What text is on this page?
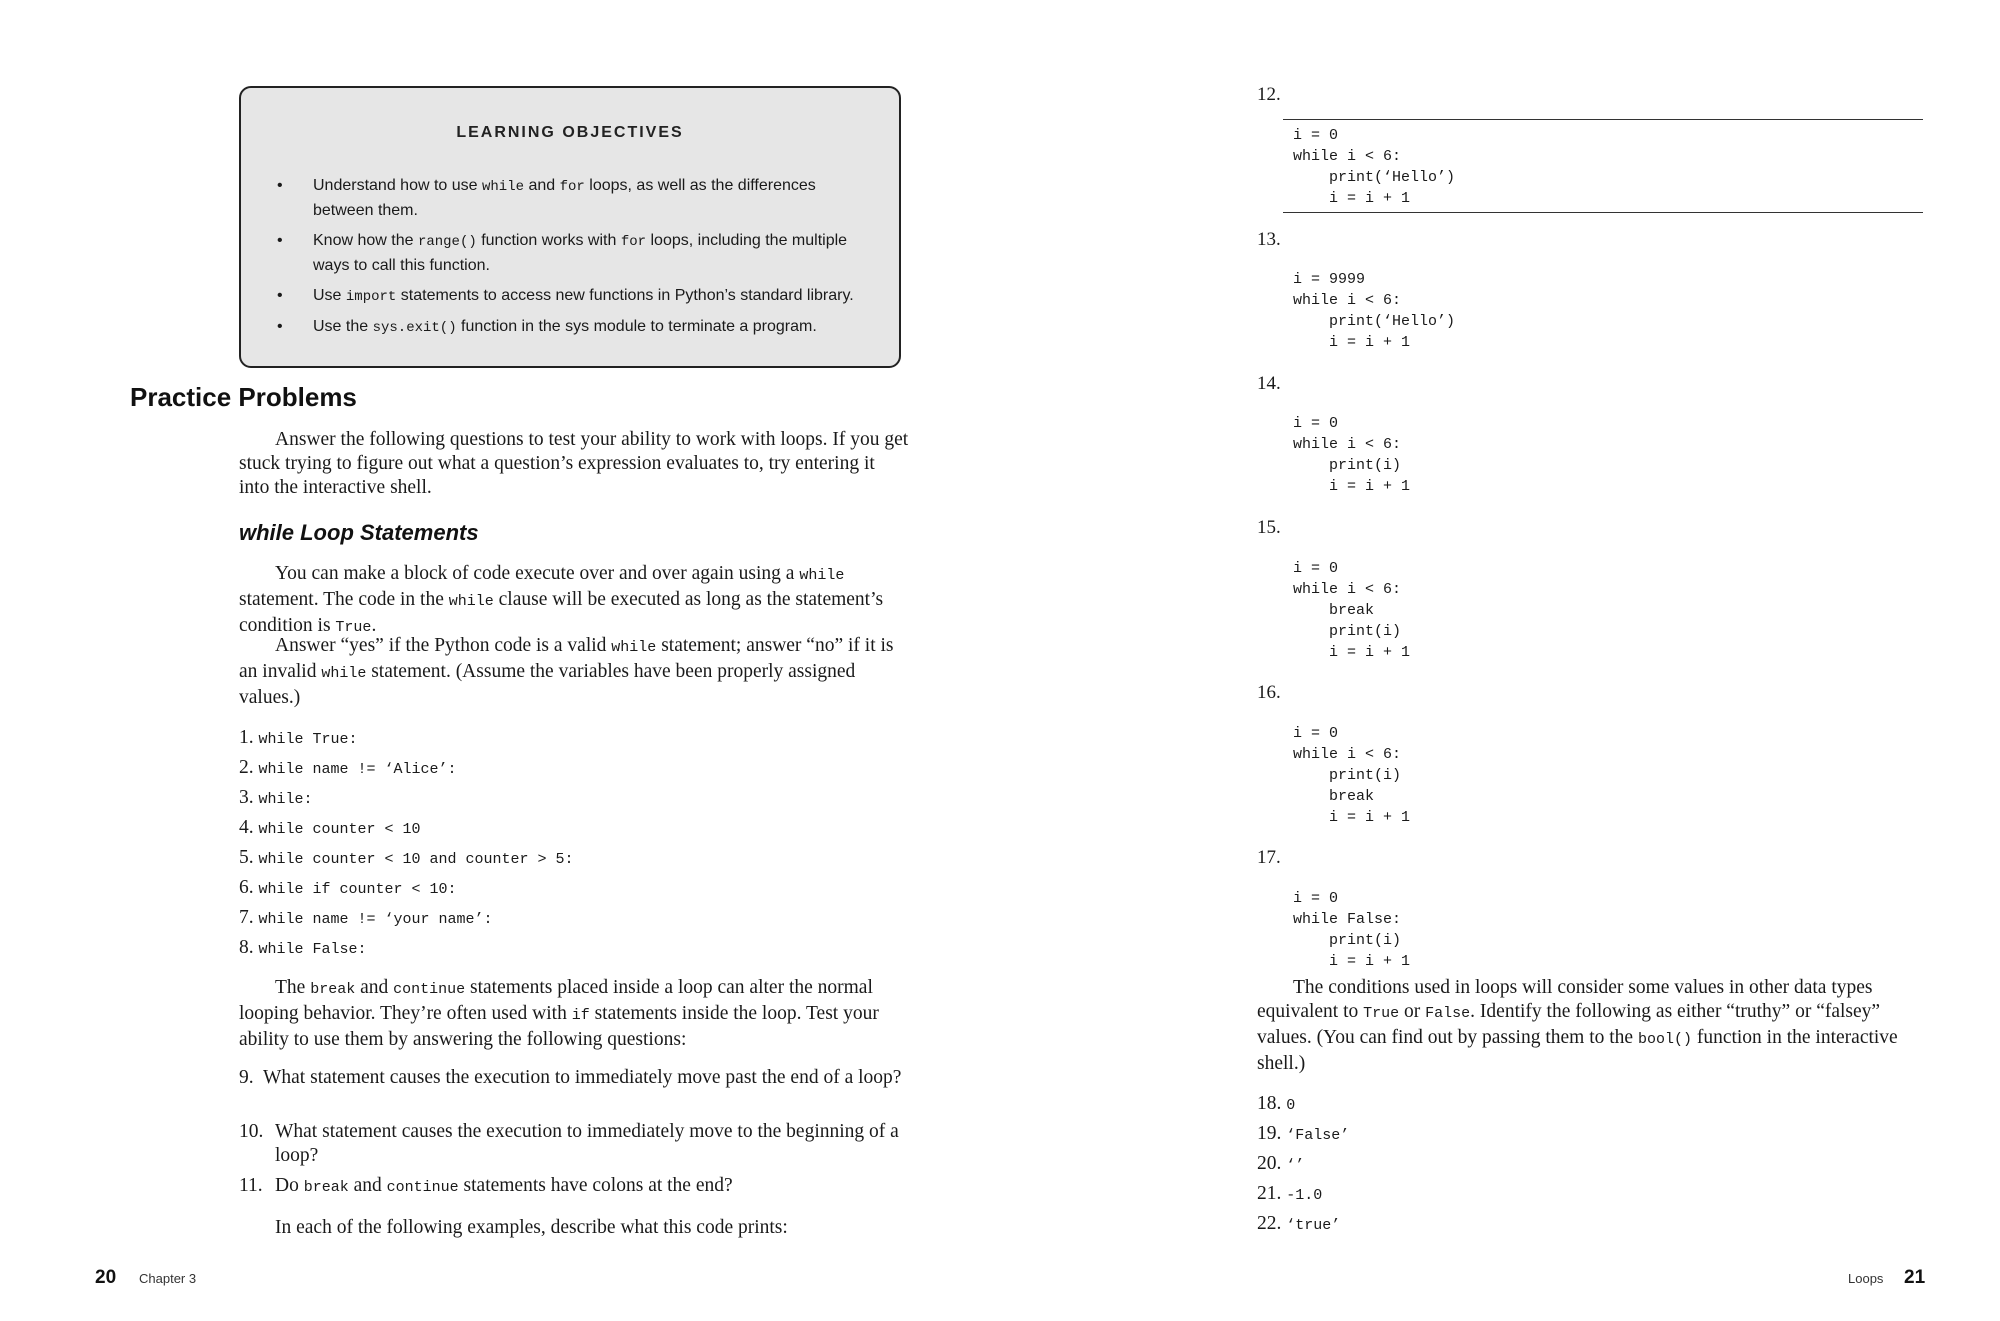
LEARNING OBJECTIVES
• Understand how to use while and for loops, as well as the differences between them.
• Know how the range() function works with for loops, including the multiple ways to call this function.
• Use import statements to access new functions in Python’s standard library.
• Use the sys.exit() function in the sys module to terminate a program.
Practice Problems

Answer the following questions to test your ability to work with loops. If you get stuck trying to figure out what a question’s expression evaluates to, try entering it into the interactive shell.

while Loop Statements

You can make a block of code execute over and over again using a while statement. The code in the while clause will be executed as long as the statement’s condition is True.

Answer “yes” if the Python code is a valid while statement; answer “no” if it is an invalid while statement. (Assume the variables have been properly assigned values.)

1. while True:
2. while name != ‘Alice’:
3. while:
4. while counter < 10
5. while counter < 10 and counter > 5:
6. while if counter < 10:
7. while name != ‘your name’:
8. while False:

The break and continue statements placed inside a loop can alter the normal looping behavior. They’re often used with if statements inside the loop. Test your ability to use them by answering the following questions:

9. What statement causes the execution to immediately move past the end of a loop?
10. What statement causes the execution to immediately move to the beginning of a loop?
11. Do break and continue statements have colons at the end?

In each of the following examples, describe what this code prints:

20 Chapter 3
12.
i = 0
while i < 6:
print(‘Hello’)
i = i + 1
13.
i = 9999
while i < 6:
print(‘Hello’)
i = i + 1
14.
i = 0
while i < 6:
print(i)
i = i + 1
15.
i = 0
while i < 6:
break
print(i)
i = i + 1
16.
i = 0
while i < 6:
print(i)
break
i = i + 1
17.
i = 0
while False:
print(i)
i = i + 1

The conditions used in loops will consider some values in other data types equivalent to True or False. Identify the following as either “truthy” or “falsey” values. (You can find out by passing them to the bool() function in the interactive shell.)

18. 0
19. ‘False’
20. ‘’
21. -1.0
22. ‘true’
Loops 21
